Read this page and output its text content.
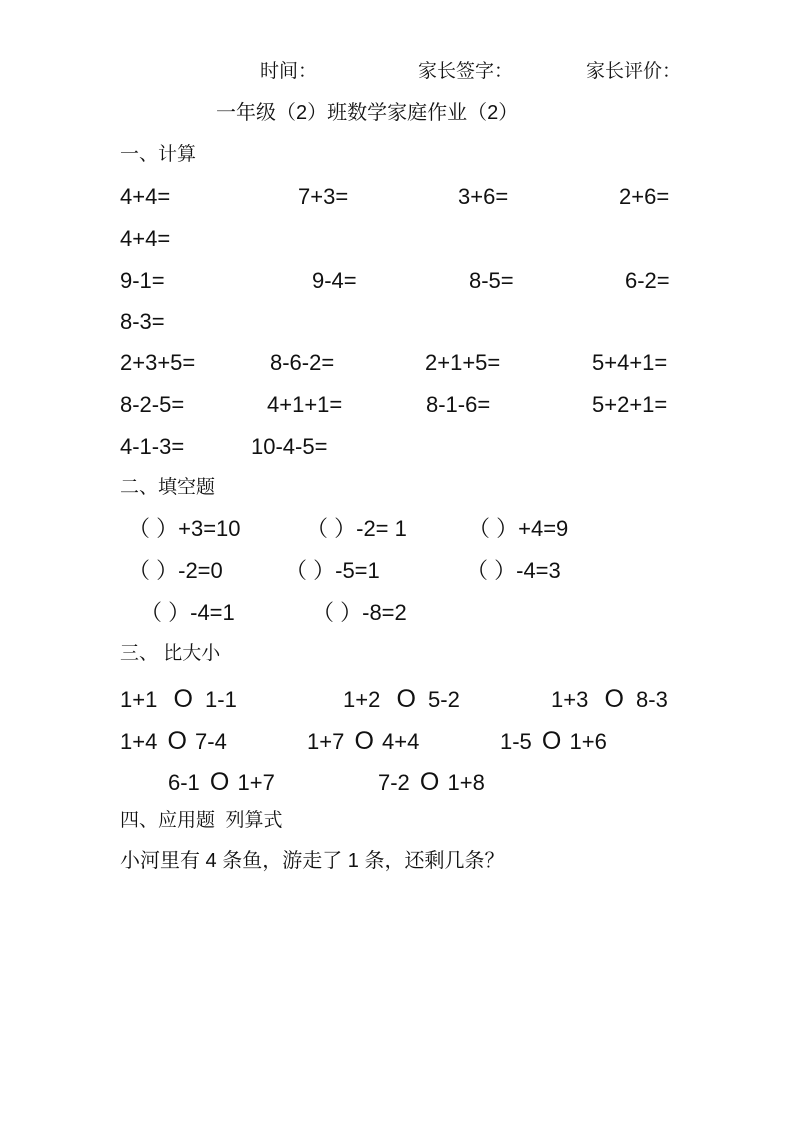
时间：	家长签字：	家长评价：
一年级（2）班数学家庭作业（2）
一、计算
4+4=	7+3=	3+6=	2+6=
4+4=
9-1=	9-4=	8-5=	6-2=
8-3=
2+3+5=	8-6-2=	2+1+5=	5+4+1=
8-2-5=	4+1+1=	8-1-6=	5+2+1=
4-1-3=	10-4-5=
二、填空题
（ ）+3=10	（ ）-2= 1	（ ）+4=9
（ ）-2=0	（ ）-5=1	（ ）-4=3
（ ）-4=1	（ ）-8=2
三、 比大小
1+1 O 1-1	1+2 O 5-2	1+3 O 8-3
1+4 O 7-4	1+7 O 4+4	1-5 O 1+6
6-1 O 1+7	7-2 O 1+8
四、应用题  列算式
小河里有 4 条鱼，游走了 1 条，还剩几条？
